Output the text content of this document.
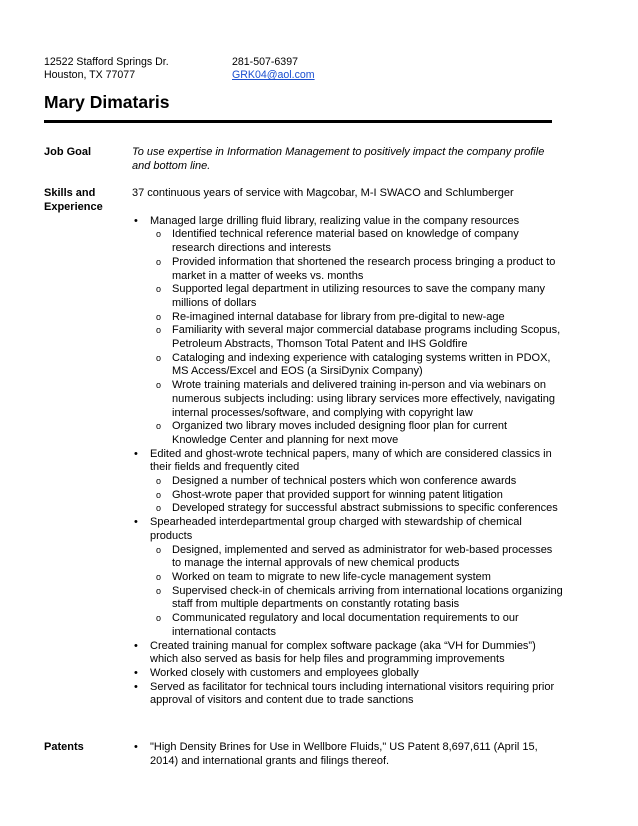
12522 Stafford Springs Dr.
Houston, TX 77077
281-507-6397
GRK04@aol.com
Mary Dimataris
Job Goal	To use expertise in Information Management to positively impact the company profile and bottom line.
Skills and Experience
37 continuous years of service with Magcobar, M-I SWACO and Schlumberger
• Managed large drilling fluid library, realizing value in the company resources
o Identified technical reference material based on knowledge of company research directions and interests
o Provided information that shortened the research process bringing a product to market in a matter of weeks vs. months
o Supported legal department in utilizing resources to save the company many millions of dollars
o Re-imagined internal database for library from pre-digital to new-age
o Familiarity with several major commercial database programs including Scopus, Petroleum Abstracts, Thomson Total Patent and IHS Goldfire
o Cataloging and indexing experience with cataloging systems written in PDOX, MS Access/Excel and EOS (a SirsiDynix Company)
o Wrote training materials and delivered training in-person and via webinars on numerous subjects including: using library services more effectively, navigating internal processes/software, and complying with copyright law
o Organized two library moves included designing floor plan for current Knowledge Center and planning for next move
• Edited and ghost-wrote technical papers, many of which are considered classics in their fields and frequently cited
o Designed a number of technical posters which won conference awards
o Ghost-wrote paper that provided support for winning patent litigation
o Developed strategy for successful abstract submissions to specific conferences
• Spearheaded interdepartmental group charged with stewardship of chemical products
o Designed, implemented and served as administrator for web-based processes to manage the internal approvals of new chemical products
o Worked on team to migrate to new life-cycle management system
o Supervised check-in of chemicals arriving from international locations organizing staff from multiple departments on constantly rotating basis
o Communicated regulatory and local documentation requirements to our international contacts
• Created training manual for complex software package (aka “VH for Dummies”) which also served as basis for help files and programming improvements
• Worked closely with customers and employees globally
• Served as facilitator for technical tours including international visitors requiring prior approval of visitors and content due to trade sanctions
Patents	• "High Density Brines for Use in Wellbore Fluids," US Patent 8,697,611 (April 15, 2014) and international grants and filings thereof.
